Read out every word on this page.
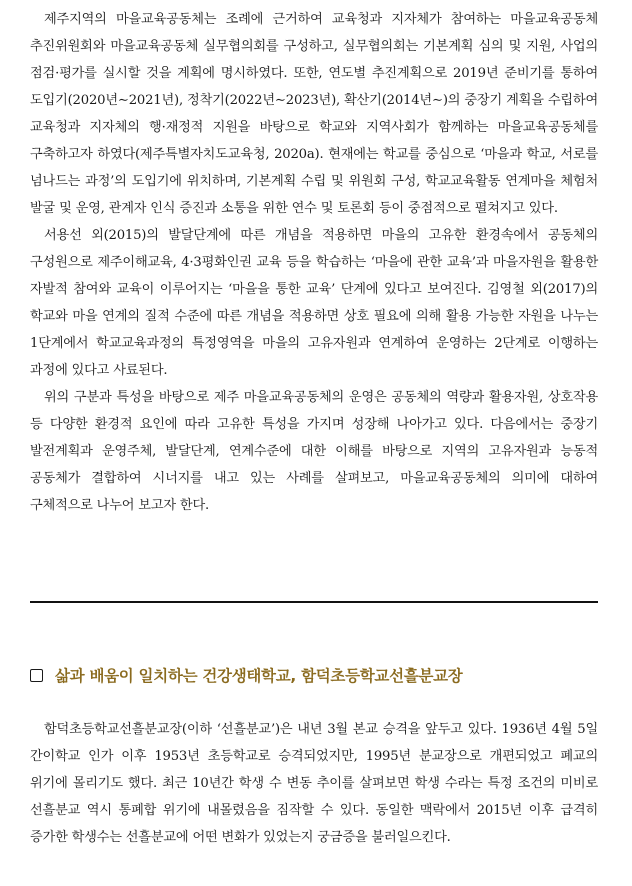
제주지역의 마을교육공동체는 조례에 근거하여 교육청과 지자체가 참여하는 마을교육공동체 추진위원회와 마을교육공동체 실무협의회를 구성하고, 실무협의회는 기본계획 심의 및 지원, 사업의 점검·평가를 실시할 것을 계획에 명시하였다. 또한, 연도별 추진계획으로 2019년 준비기를 통하여 도입기(2020년∼2021년), 정착기(2022년∼2023년), 확산기(2014년∼)의 중장기 계획을 수립하여 교육청과 지자체의 행·재정적 지원을 바탕으로 학교와 지역사회가 함께하는 마을교육공동체를 구축하고자 하였다(제주특별자치도교육청, 2020a). 현재에는 학교를 중심으로 ‘마을과 학교, 서로를 넘나드는 과정’의 도입기에 위치하며, 기본계획 수립 및 위원회 구성, 학교교육활동 연계마을 체험처 발굴 및 운영, 관계자 인식 증진과 소통을 위한 연수 및 토론회 등이 중점적으로 펼쳐지고 있다.

서용선 외(2015)의 발달단계에 따른 개념을 적용하면 마을의 고유한 환경속에서 공동체의 구성원으로 제주이해교육, 4·3평화인권 교육 등을 학습하는 ‘마을에 관한 교육’과 마을자원을 활용한 자발적 참여와 교육이 이루어지는 ‘마을을 통한 교육’ 단계에 있다고 보여진다. 김영철 외(2017)의 학교와 마을 연계의 질적 수준에 따른 개념을 적용하면 상호 필요에 의해 활용 가능한 자원을 나누는 1단계에서 학교교육과정의 특정영역을 마을의 고유자원과 연계하여 운영하는 2단계로 이행하는 과정에 있다고 사료된다.

위의 구분과 특성을 바탕으로 제주 마을교육공동체의 운영은 공동체의 역량과 활용자원, 상호작용 등 다양한 환경적 요인에 따라 고유한 특성을 가지며 성장해 나아가고 있다. 다음에서는 중장기 발전계획과 운영주체, 발달단계, 연계수준에 대한 이해를 바탕으로 지역의 고유자원과 능동적 공동체가 결합하여 시너지를 내고 있는 사례를 살펴보고, 마을교육공동체의 의미에 대하여 구체적으로 나누어 보고자 한다.

삶과 배움이 일치하는 건강생태학교, 함덕초등학교선흘분교장

함덕초등학교선흘분교장(이하 ‘선흘분교’)은 내년 3월 본교 승격을 앞두고 있다. 1936년 4월 5일 간이학교 인가 이후 1953년 초등학교로 승격되었지만, 1995년 분교장으로 개편되었고 폐교의 위기에 몰리기도 했다. 최근 10년간 학생 수 변동 추이를 살펴보면 학생 수라는 특정 조건의 미비로 선흘분교 역시 통폐합 위기에 내몰렸음을 짐작할 수 있다. 동일한 맥락에서 2015년 이후 급격히 증가한 학생수는 선흘분교에 어떤 변화가 있었는지 궁금증을 불러일으킨다.
